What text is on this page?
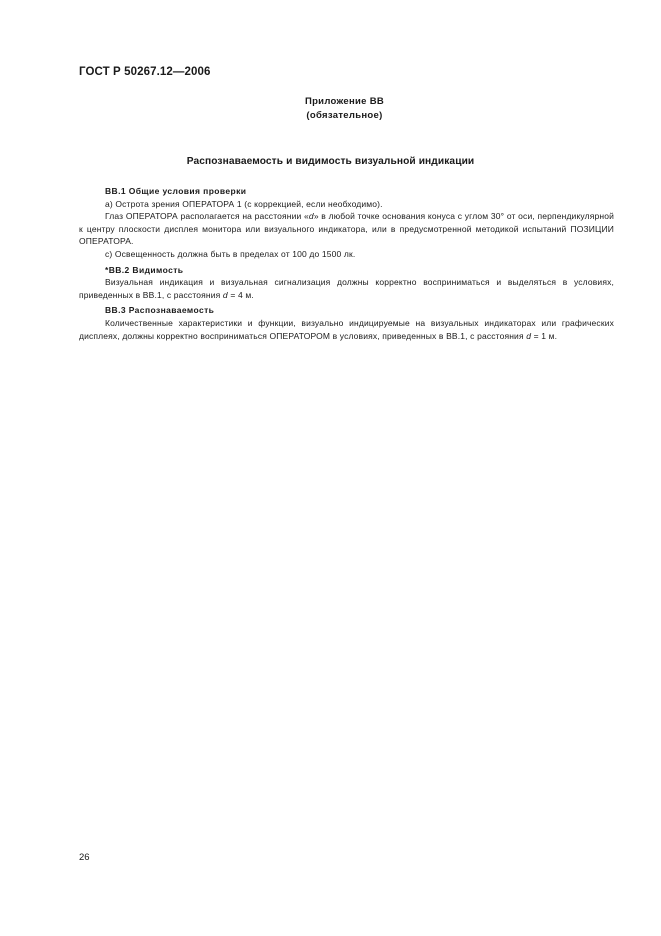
ГОСТ Р 50267.12—2006
Приложение ВВ
(обязательное)
Распознаваемость и видимость визуальной индикации

ВВ.1 Общие условия проверки

а) Острота зрения ОПЕРАТОРА 1 (с коррекцией, если необходимо).

Глаз ОПЕРАТОРА располагается на расстоянии «d» в любой точке основания конуса с углом 30° от оси, перпендикулярной к центру плоскости дисплея монитора или визуального индикатора, или в предусмотренной методикой испытаний ПОЗИЦИИ ОПЕРАТОРА.

с) Освещенность должна быть в пределах от 100 до 1500 лк.

*ВВ.2 Видимость

Визуальная индикация и визуальная сигнализация должны корректно восприниматься и выделяться в условиях, приведенных в ВВ.1, с расстояния d = 4 м.

ВВ.3 Распознаваемость

Количественные характеристики и функции, визуально индицируемые на визуальных индикаторах или графических дисплеях, должны корректно восприниматься ОПЕРАТОРОМ в условиях, приведенных в ВВ.1, с расстояния d = 1 м.

26
